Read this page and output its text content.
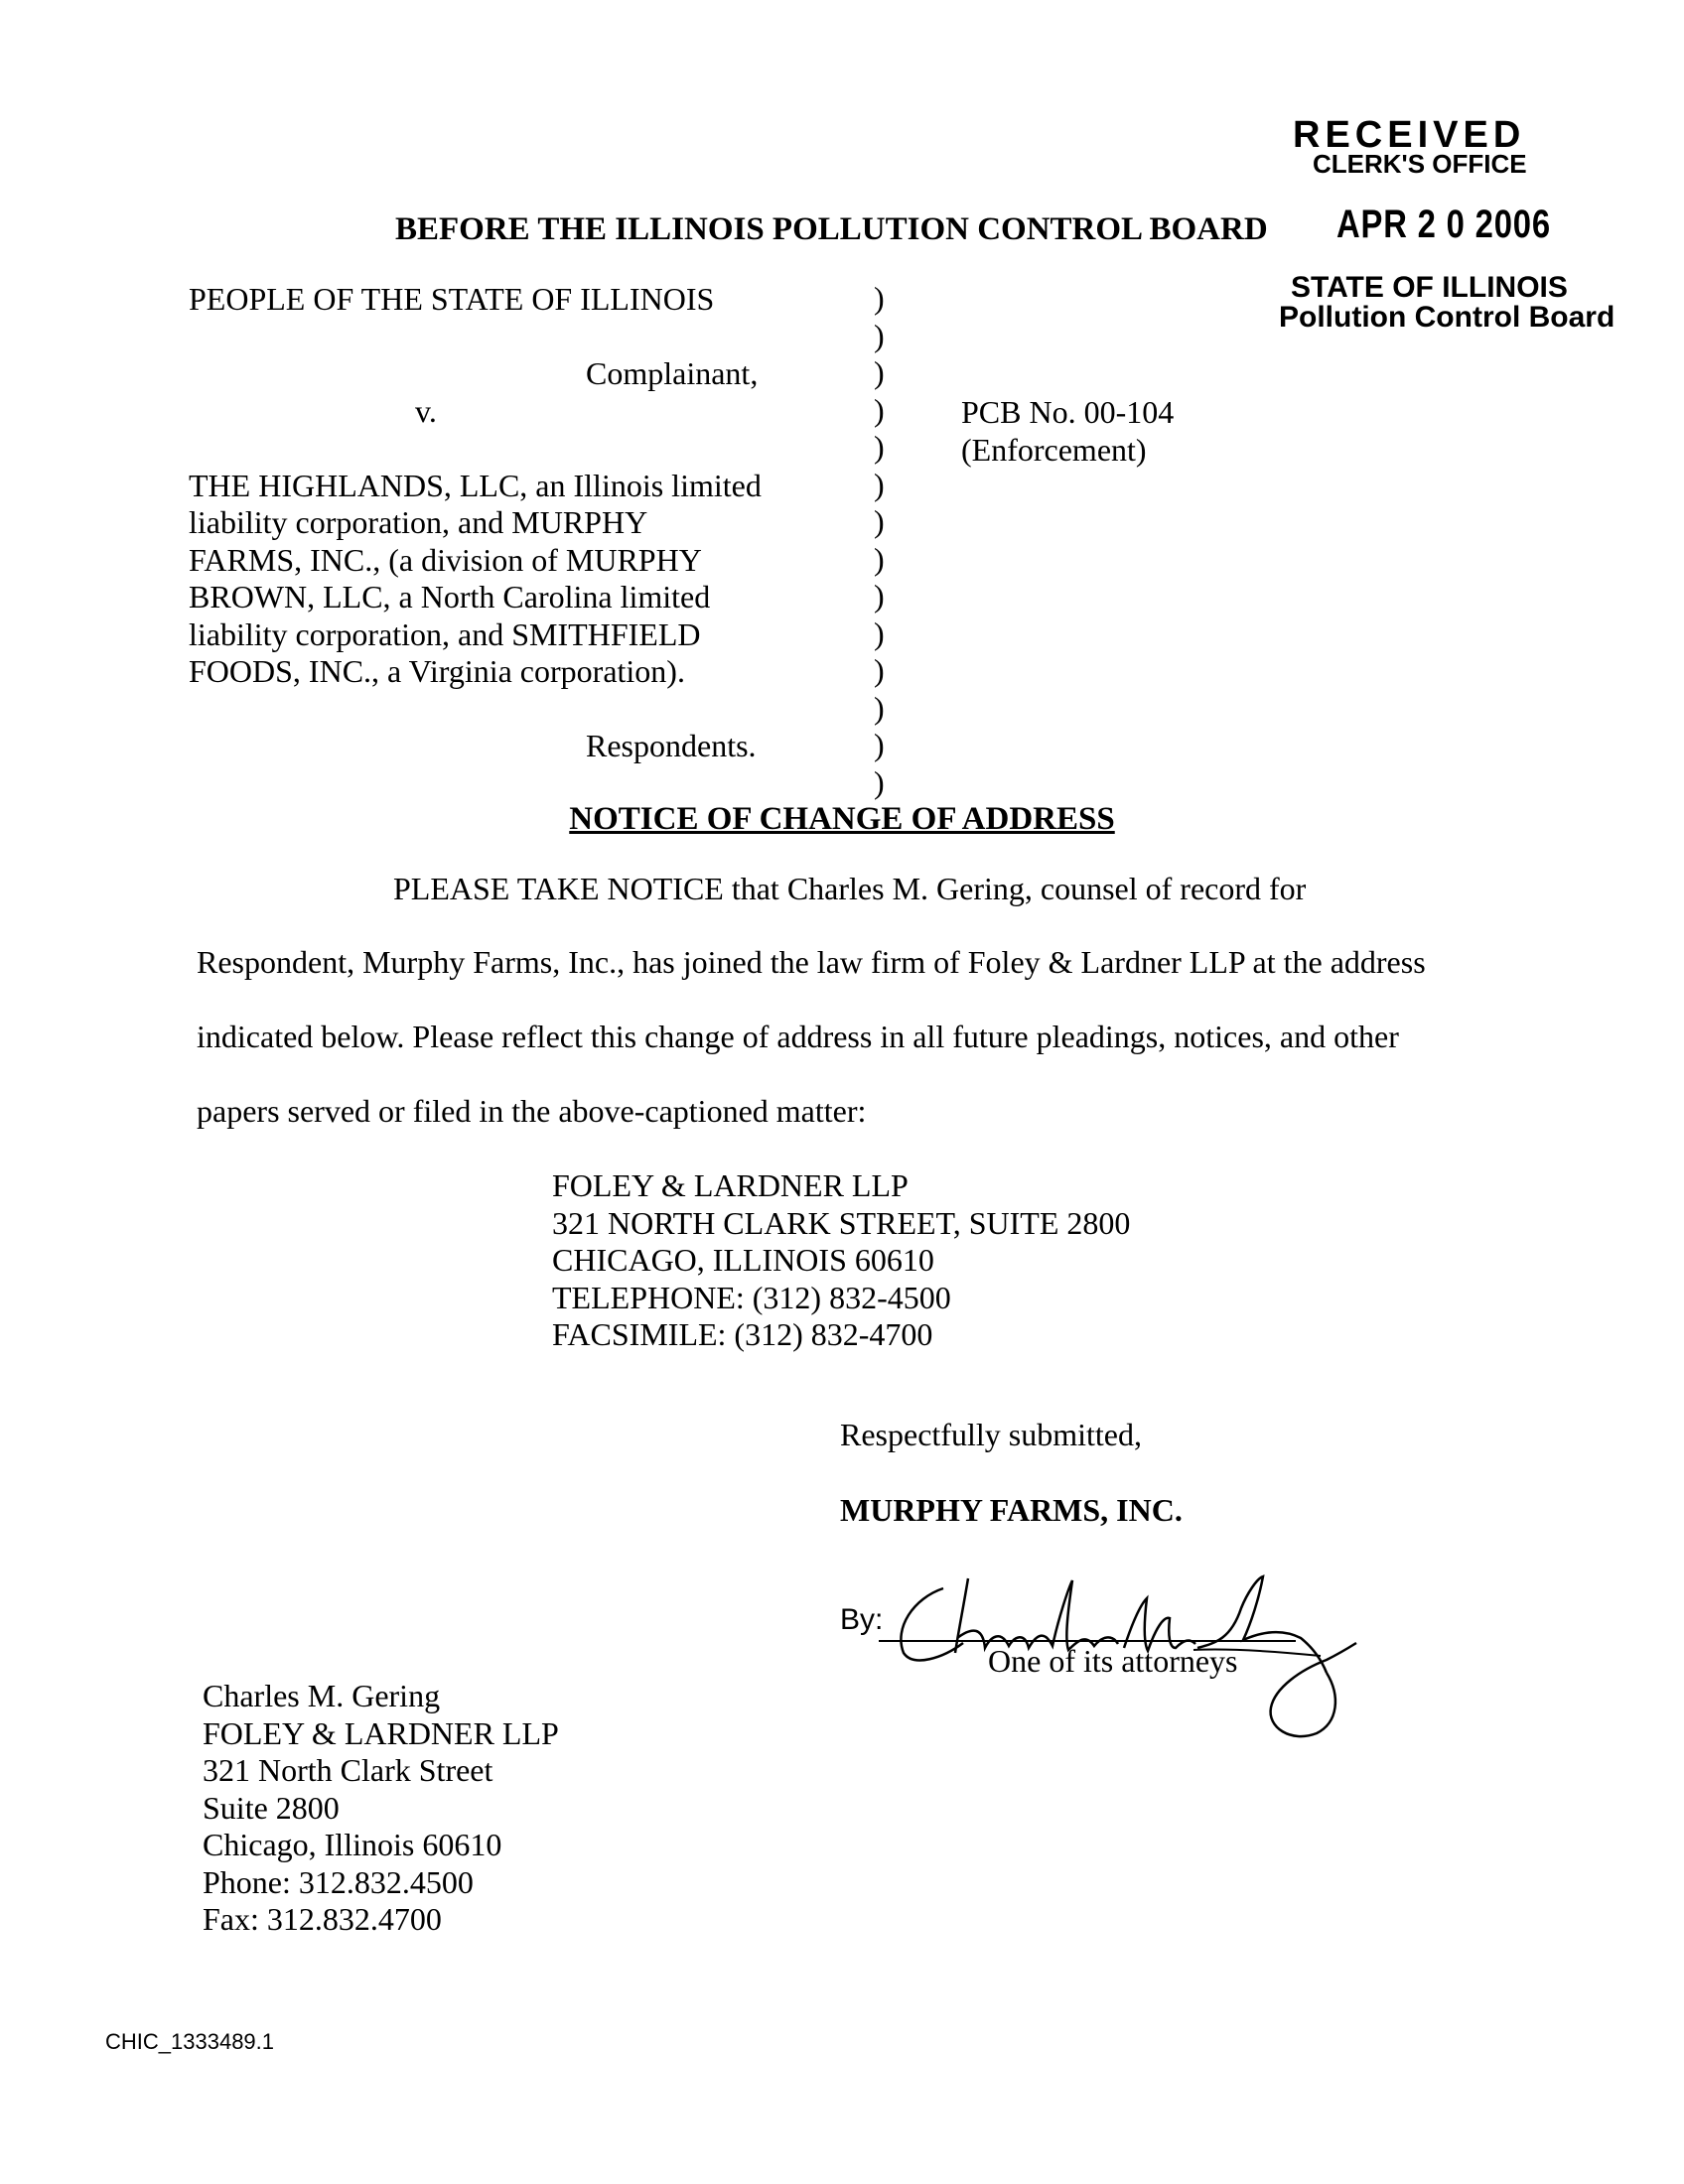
RECEIVED
CLERK'S OFFICE
APR 2 0 2006
STATE OF ILLINOIS
Pollution Control Board
BEFORE THE ILLINOIS POLLUTION CONTROL BOARD
PEOPLE OF THE STATE OF ILLINOIS
Complainant,
v.
THE HIGHLANDS, LLC, an Illinois limited
liability corporation, and MURPHY
FARMS, INC., (a division of MURPHY
BROWN, LLC, a North Carolina limited
liability corporation, and SMITHFIELD
FOODS, INC., a Virginia corporation).
Respondents.
)
)
)
)
)
)
)
)
)
)
)
)
)
)
PCB No. 00-104
(Enforcement)
NOTICE OF CHANGE OF ADDRESS
PLEASE TAKE NOTICE that Charles M. Gering, counsel of record for
Respondent, Murphy Farms, Inc., has joined the law firm of Foley & Lardner LLP at the address
indicated below. Please reflect this change of address in all future pleadings, notices, and other
papers served or filed in the above-captioned matter:
FOLEY & LARDNER LLP
321 NORTH CLARK STREET, SUITE 2800
CHICAGO, ILLINOIS 60610
TELEPHONE: (312) 832-4500
FACSIMILE: (312) 832-4700
Respectfully submitted,
MURPHY FARMS, INC.
By:
One of its attorneys
Charles M. Gering
FOLEY & LARDNER LLP
321 North Clark Street
Suite 2800
Chicago, Illinois 60610
Phone: 312.832.4500
Fax: 312.832.4700
CHIC_1333489.1
